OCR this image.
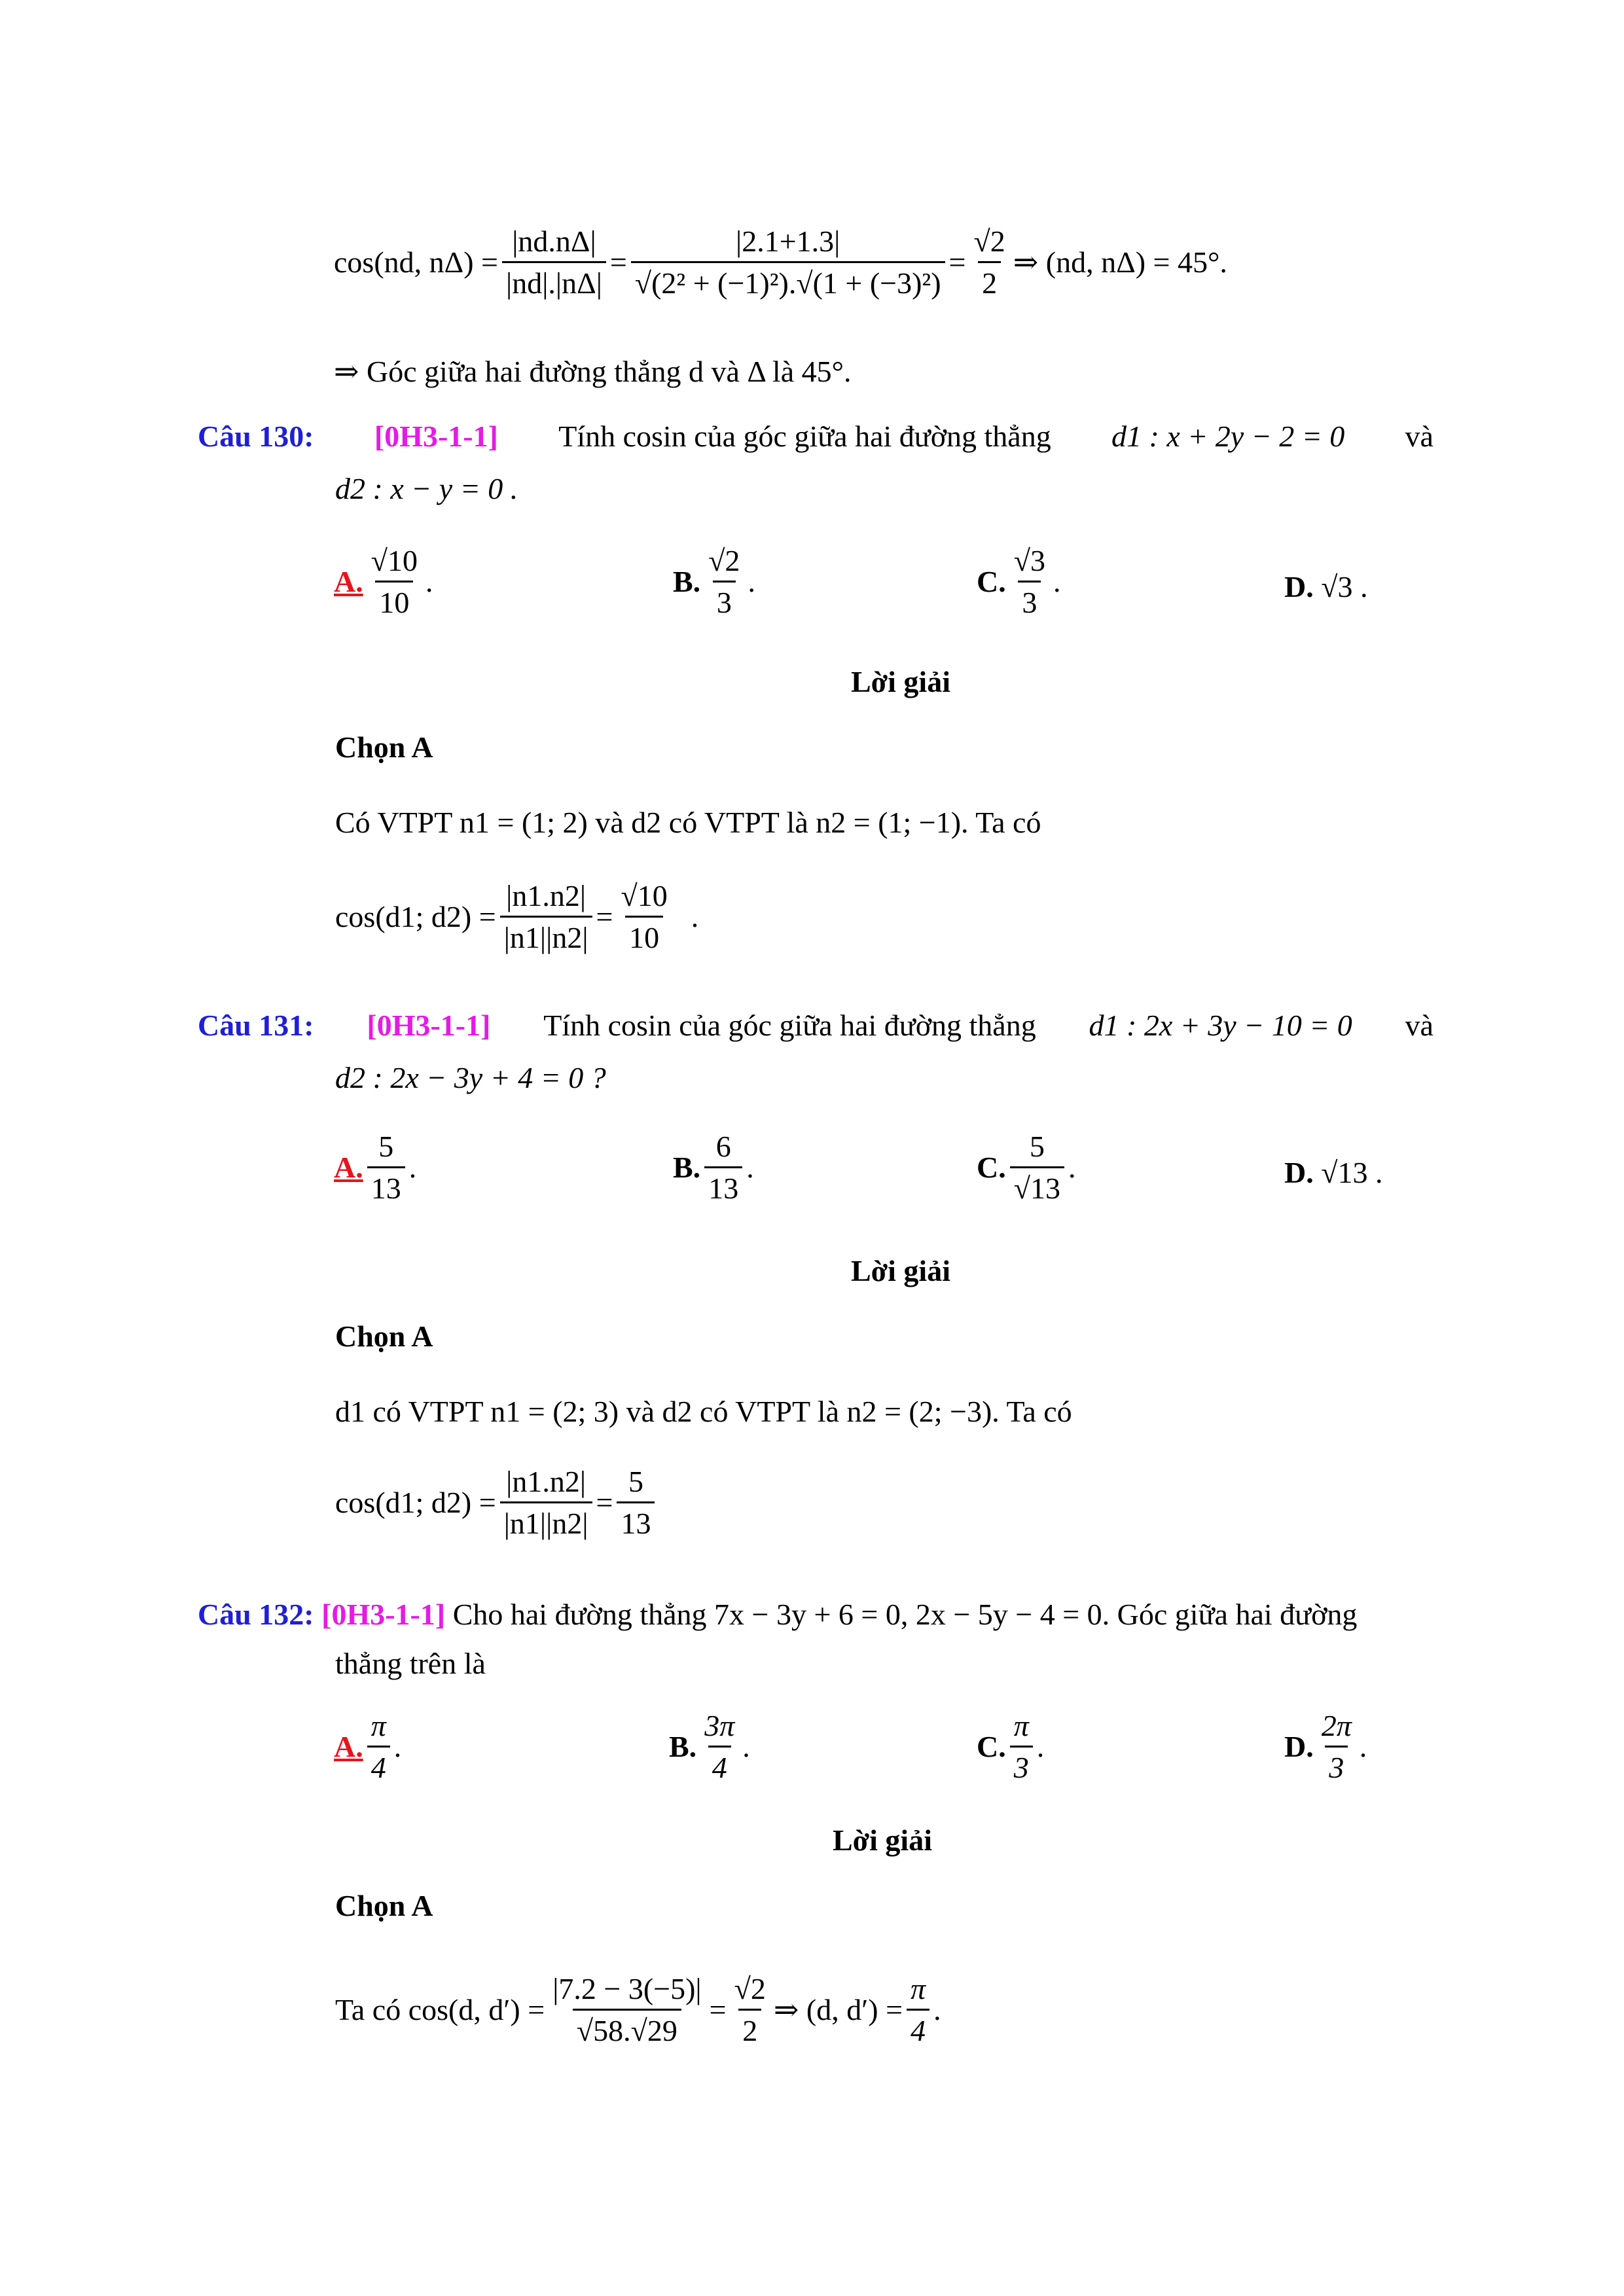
cos(nd, $n\Delta) = \frac{|nd.n\Delta|}{|nd|.|n\Delta|} = \frac{|2.1+1.3|}{\text{√(2² + (−1)²).√(1 + (−3)²)}} = \frac{√2}{2}$ ⇒ (nd, nΔ) = 45°.
⇒ Góc giữa hai đường thẳng d và Δ là 45°.
Câu 130: [0H3-1-1] Tính cosin của góc giữa hai đường thẳng d1 : x + 2y − 2 = 0 và
d2 : x − y = 0 .
A. $\frac{√10}{10}$ .	B. $\frac{√2}{3}$ .	C. $\frac{√3}{3}$ .	D. √3 .
Lời giải
Chọn A
Có VTPT n1 = (1; 2) và d2 có VTPT là n2 = (1; −1). Ta có
cos(d1; $d2) = \frac{|n1.n2|}{|n1||n2|} = \frac{√10}{10}$ .
Câu 131: [0H3-1-1] Tính cosin của góc giữa hai đường thẳng d1 : 2x + 3y − 10 = 0 và
d2 : 2x − 3y + 4 = 0 ?
A. $\frac{5}{13}$ .	B. $\frac{6}{13}$ .	C. $\frac{5}{√13}$ .	D. √13 .
Lời giải
Chọn A
d1 có VTPT n1 = (2; 3) và d2 có VTPT là n2 = (2; −3). Ta có
cos(d1; $d2) = \frac{|n1.n2|}{|n1||n2|} = \frac{5}{13}$
Câu 132: [0H3-1-1] Cho hai đường thẳng 7x − 3y + 6 = 0, 2x − 5y − 4 = 0. Góc giữa hai đường
thẳng trên là
A. $\frac{\pi}{4}$ .	B. $\frac{3\pi}{4}$ .	C. $\frac{\pi}{3}$ .	D. $\frac{2\pi}{3}$ .
Lời giải
Chọn A
Ta có cos(d, $d') = \frac{|7.2 - 3(-5)|}{√58.√29} = \frac{√2}{2}$ ⇒ (d, $d') = \frac{\pi}{4}$ .
